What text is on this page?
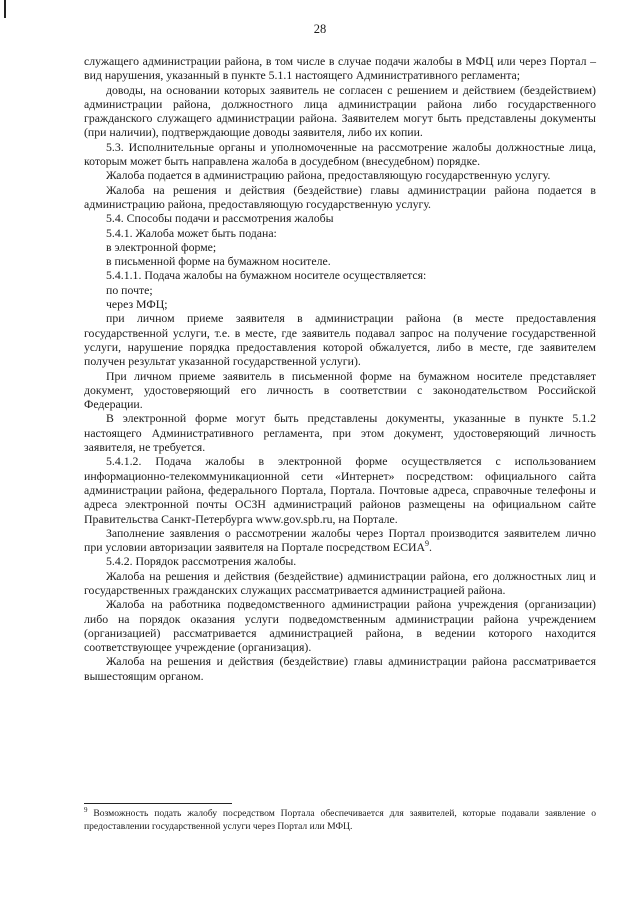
28

служащего администрации района, в том числе в случае подачи жалобы в МФЦ или через Портал – вид нарушения, указанный в пункте 5.1.1 настоящего Административного регламента;

доводы, на основании которых заявитель не согласен с решением и действием (бездействием) администрации района, должностного лица администрации района либо государственного гражданского служащего администрации района. Заявителем могут быть представлены документы (при наличии), подтверждающие доводы заявителя, либо их копии.

5.3. Исполнительные органы и уполномоченные на рассмотрение жалобы должностные лица, которым может быть направлена жалоба в досудебном (внесудебном) порядке.

Жалоба подается в администрацию района, предоставляющую государственную услугу.

Жалоба на решения и действия (бездействие) главы администрации района подается в администрацию района, предоставляющую государственную услугу.

5.4. Способы подачи и рассмотрения жалобы

5.4.1. Жалоба может быть подана:

в электронной форме;

в письменной форме на бумажном носителе.

5.4.1.1. Подача жалобы на бумажном носителе осуществляется:

по почте;

через МФЦ;

при личном приеме заявителя в администрации района (в месте предоставления государственной услуги, т.е. в месте, где заявитель подавал запрос на получение государственной услуги, нарушение порядка предоставления которой обжалуется, либо в месте, где заявителем получен результат указанной государственной услуги).

При личном приеме заявитель в письменной форме на бумажном носителе представляет документ, удостоверяющий его личность в соответствии с законодательством Российской Федерации.

В электронной форме могут быть представлены документы, указанные в пункте 5.1.2 настоящего Административного регламента, при этом документ, удостоверяющий личность заявителя, не требуется.

5.4.1.2. Подача жалобы в электронной форме осуществляется с использованием информационно-телекоммуникационной сети «Интернет» посредством: официального сайта администрации района, федерального Портала, Портала. Почтовые адреса, справочные телефоны и адреса электронной почты ОСЗН администраций районов размещены на официальном сайте Правительства Санкт-Петербурга www.gov.spb.ru, на Портале.

Заполнение заявления о рассмотрении жалобы через Портал производится заявителем лично при условии авторизации заявителя на Портале посредством ЕСИА$^9$.

5.4.2. Порядок рассмотрения жалобы.

Жалоба на решения и действия (бездействие) администрации района, его должностных лиц и государственных гражданских служащих рассматривается администрацией района.

Жалоба на работника подведомственного администрации района учреждения (организации) либо на порядок оказания услуги подведомственным администрации района учреждением (организацией) рассматривается администрацией района, в ведении которого находится соответствующее учреждение (организация).

Жалоба на решения и действия (бездействие) главы администрации района рассматривается вышестоящим органом.

$^9$ Возможность подать жалобу посредством Портала обеспечивается для заявителей, которые подавали заявление о предоставлении государственной услуги через Портал или МФЦ.
